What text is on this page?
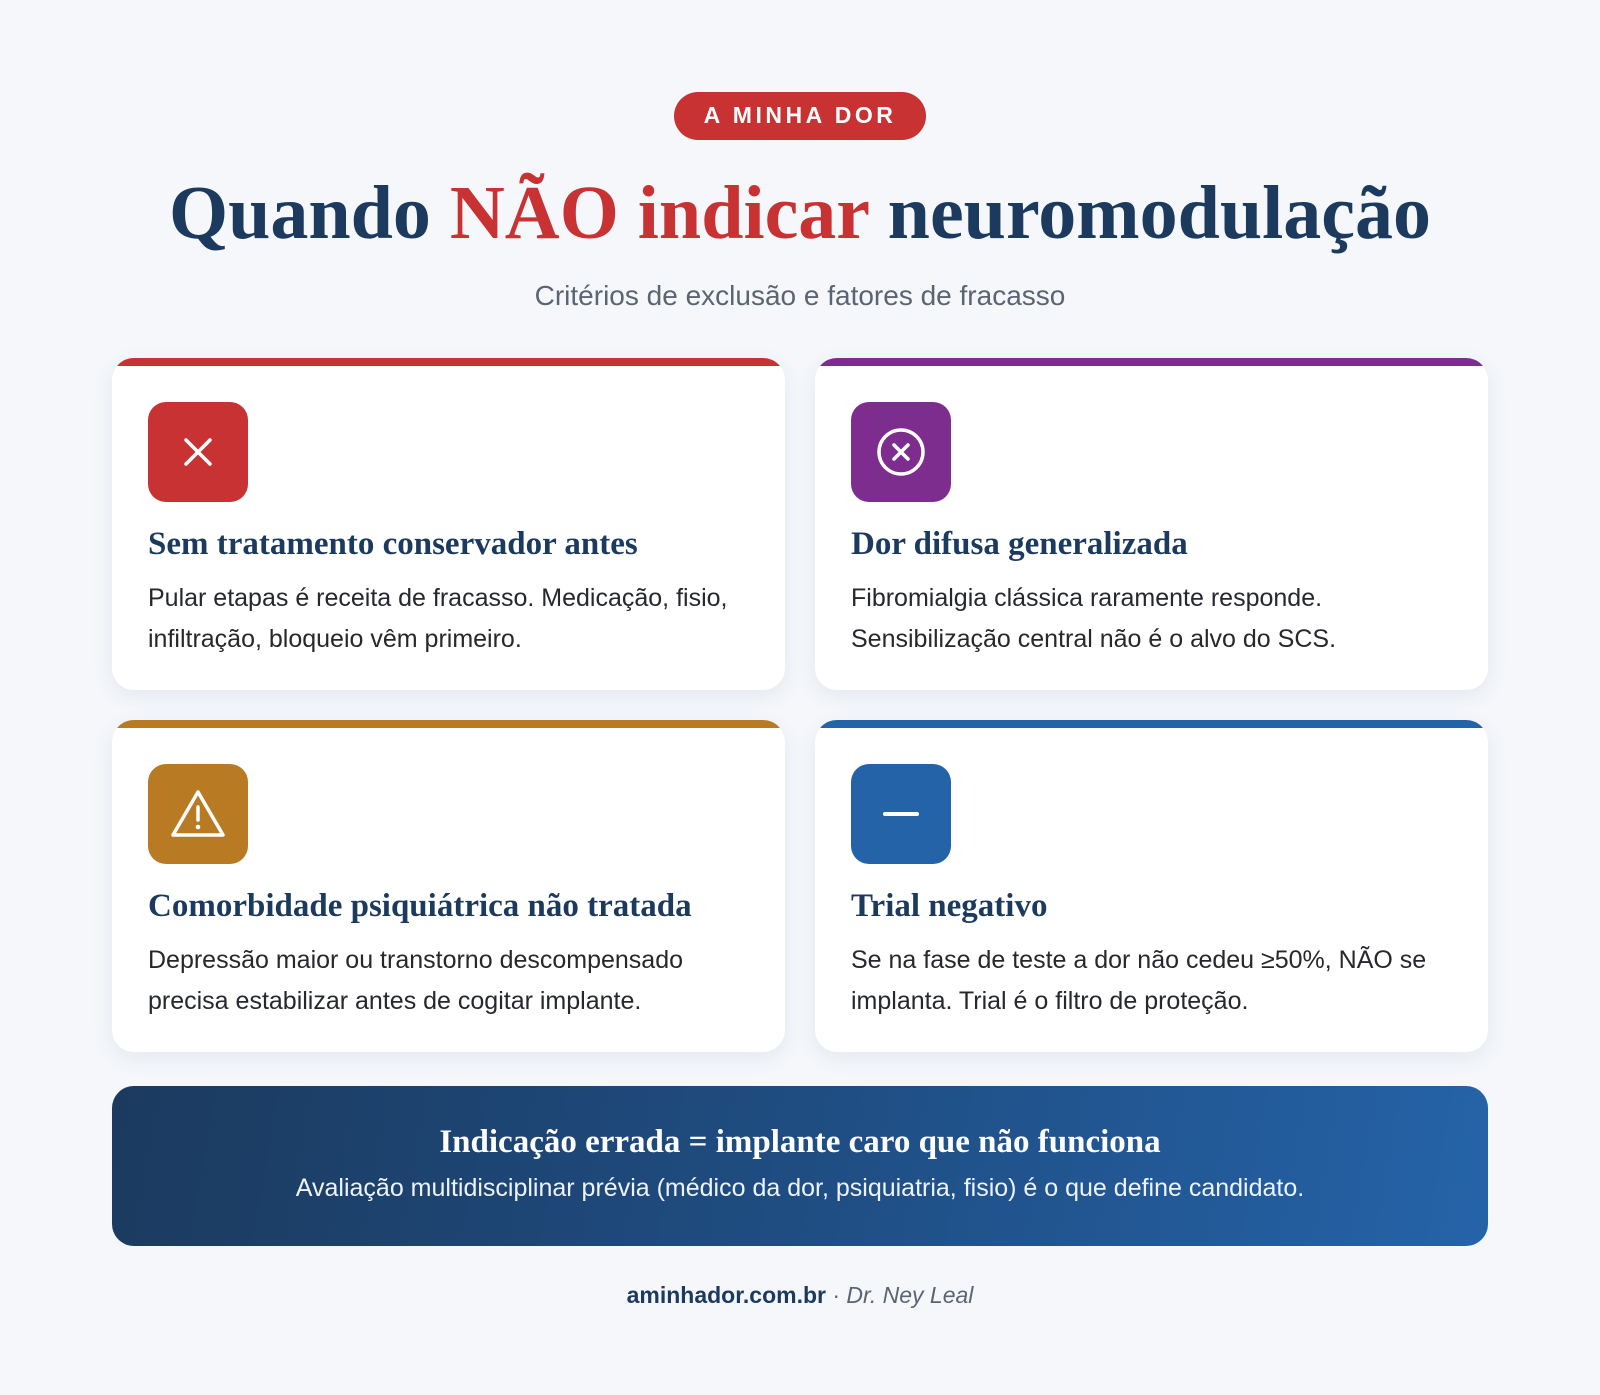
A MINHA DOR
Quando NÃO indicar neuromodulação

Critérios de exclusão e fatores de fracasso

Sem tratamento conservador antes

Pular etapas é receita de fracasso. Medicação, fisio, infiltração, bloqueio vêm primeiro.

Dor difusa generalizada

Fibromialgia clássica raramente responde. Sensibilização central não é o alvo do SCS.

Comorbidade psiquiátrica não tratada

Depressão maior ou transtorno descompensado precisa estabilizar antes de cogitar implante.

Trial negativo

Se na fase de teste a dor não cedeu ≥50%, NÃO se implanta. Trial é o filtro de proteção.

Indicação errada = implante caro que não funciona

Avaliação multidisciplinar prévia (médico da dor, psiquiatria, fisio) é o que define candidato.

aminhador.com.br · Dr. Ney Leal
